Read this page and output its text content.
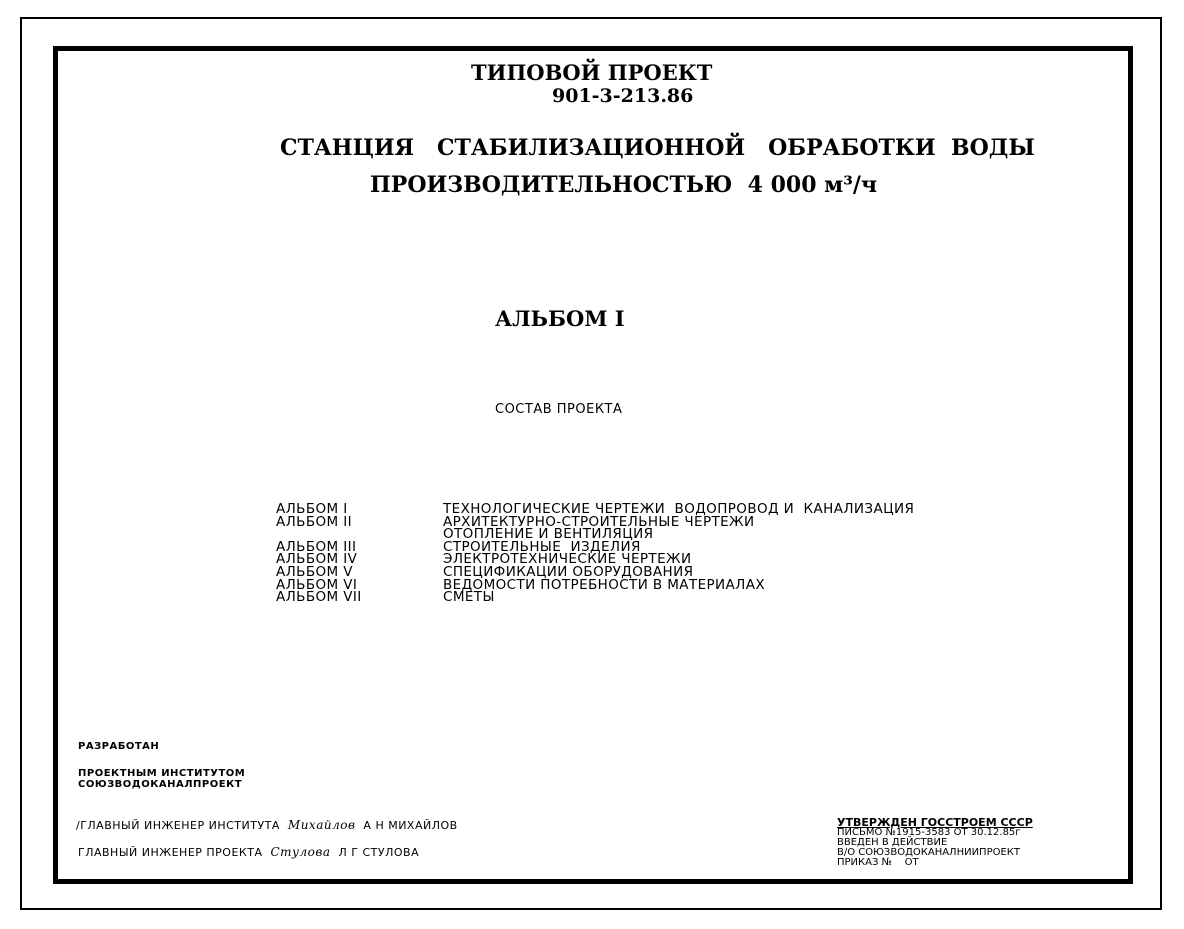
ТИПОВОЙ ПРОЕКТ
901-3-213.86
СТАНЦИЯ   СТАБИЛИЗАЦИОННОЙ   ОБРАБОТКИ  ВОДЫ
ПРОИЗВОДИТЕЛЬНОСТЬЮ  4 000 м³/ч
АЛЬБОМ I
СОСТАВ ПРОЕКТА
АЛЬБОМ I	ТЕХНОЛОГИЧЕСКИЕ ЧЕРТЕЖИ  ВОДОПРОВОД И  КАНАЛИЗАЦИЯ
АЛЬБОМ II	АРХИТЕКТУРНО-СТРОИТЕЛЬНЫЕ ЧЕРТЕЖИ
ОТОПЛЕНИЕ И ВЕНТИЛЯЦИЯ
АЛЬБОМ III	СТРОИТЕЛЬНЫЕ  ИЗДЕЛИЯ
АЛЬБОМ IV	ЭЛЕКТРОТЕХНИЧЕСКИЕ ЧЕРТЕЖИ
АЛЬБОМ V	СПЕЦИФИКАЦИИ ОБОРУДОВАНИЯ
АЛЬБОМ VI	ВЕДОМОСТИ ПОТРЕБНОСТИ В МАТЕРИАЛАХ
АЛЬБОМ VII	СМЕТЫ
РАЗРАБОТАН
ПРОЕКТНЫМ ИНСТИТУТОМ
СОЮЗВОДОКАНАЛПРОЕКТ
/ГЛАВНЫЙ ИНЖЕНЕР ИНСТИТУТА Михайлов А Н МИХАЙЛОВ
ГЛАВНЫЙ ИНЖЕНЕР ПРОЕКТА Стулова Л Г СТУЛОВА
УТВЕРЖДЕН ГОССТРОЕМ СССР
ПИСЬМО №1915-3583 ОТ 30.12.85г
ВВЕДЕН В ДЕЙСТВИЕ
В/О СОЮЗВОДОКАНАЛНИИПРОЕКТ
ПРИКАЗ №    ОТ
